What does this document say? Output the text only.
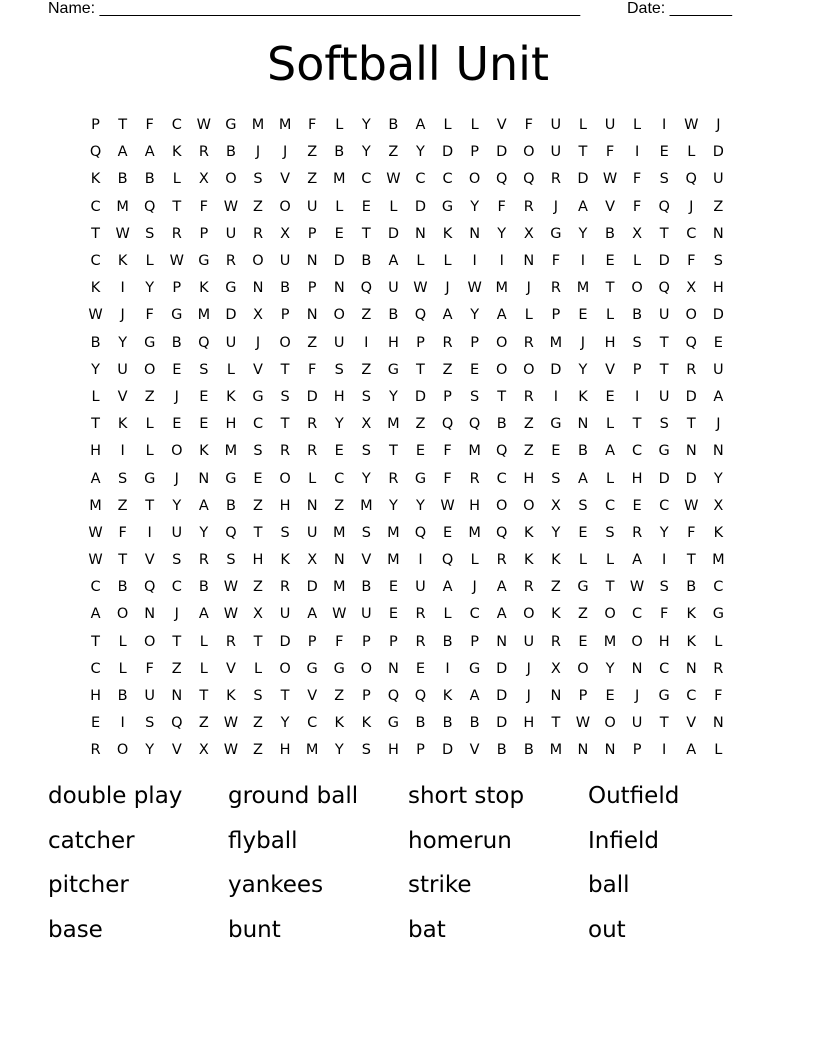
Name: ______________________________________________________	Date: _______
Softball Unit
P	T	F	C	W G	M	M	F	L	Y	B	A	L	L	V	F	U	L	U	L	I	W	J
Q	A	A	K	R	B	J	J	Z	B	Y	Z	Y	D	P	D	O	U	T	F	I	E	L	D
K	B	B	L	X	O	S	V	Z	M	C	W	C	C	O	Q	Q	R	D W	F	S	Q	U
C	M	Q	T	F	W	Z	O	U	L	E	L	D	G	Y	F	R	J	A	V	F	Q	J	Z
T	W	S	R	P	U	R	X	P	E	T	D	N	K	N	Y	X	G	Y	B	X	T	C	N
C	K	L	W G	R	O	U	N	D	B	A	L	L	I	I	N	F	I	E	L	D	F	S
K	I	Y	P	K	G	N	B	P	N	Q	U	W	J	W M	J	R	M	T	O	Q	X	H
W	J	F	G	M	D	X	P	N	O	Z	B	Q	A	Y	A	L	P	E	L	B	U	O	D
B	Y	G	B	Q	U	J	O	Z	U	I	H	P	R	P	O	R	M	J	H	S	T	Q	E
Y	U	O	E	S	L	V	T	F	S	Z	G	T	Z	E	O	O	D	Y	V	P	T	R	U
L	V	Z	J	E	K	G	S	D	H	S	Y	D	P	S	T	R	I	K	E	I	U	D	A
T	K	L	E	E	H	C	T	R	Y	X	M	Z	Q	Q	B	Z	G	N	L	T	S	T	J
H	I	L	O	K	M	S	R	R	E	S	T	E	F	M	Q	Z	E	B	A	C	G	N	N
A	S	G	J	N	G	E	O	L	C	Y	R	G	F	R	C	H	S	A	L	H	D	D	Y
M	Z	T	Y	A	B	Z	H	N	Z	M	Y	Y	W H	O	O	X	S	C	E	C	W	X
W	F	I	U	Y	Q	T	S	U	M	S	M	Q	E	M	Q	K	Y	E	S	R	Y	F	K
W	T	V	S	R	S	H	K	X	N	V	M	I	Q	L	R	K	K	L	L	A	I	T	M
C	B	Q	C	B	W	Z	R	D	M	B	E	U	A	J	A	R	Z	G	T	W	S	B	C
A	O	N	J	A	W	X	U	A	W	U	E	R	L	C	A	O	K	Z	O	C	F	K	G
T	L	O	T	L	R	T	D	P	F	P	P	R	B	P	N	U	R	E	M	O	H	K	L
C	L	F	Z	L	V	L	O	G	G	O	N	E	I	G	D	J	X	O	Y	N	C	N	R
H	B	U	N	T	K	S	T	V	Z	P	Q	Q	K	A	D	J	N	P	E	J	G	C	F
E	I	S	Q	Z	W	Z	Y	C	K	K	G	B	B	B	D	H	T	W O	U	T	V	N
R	O	Y	V	X	W	Z	H	M	Y	S	H	P	D	V	B	B	M	N	N	P	I	A	L
double play	ground ball	short stop	Outfield
catcher	flyball	homerun	Infield
pitcher	yankees	strike	ball
base	bunt	bat	out
